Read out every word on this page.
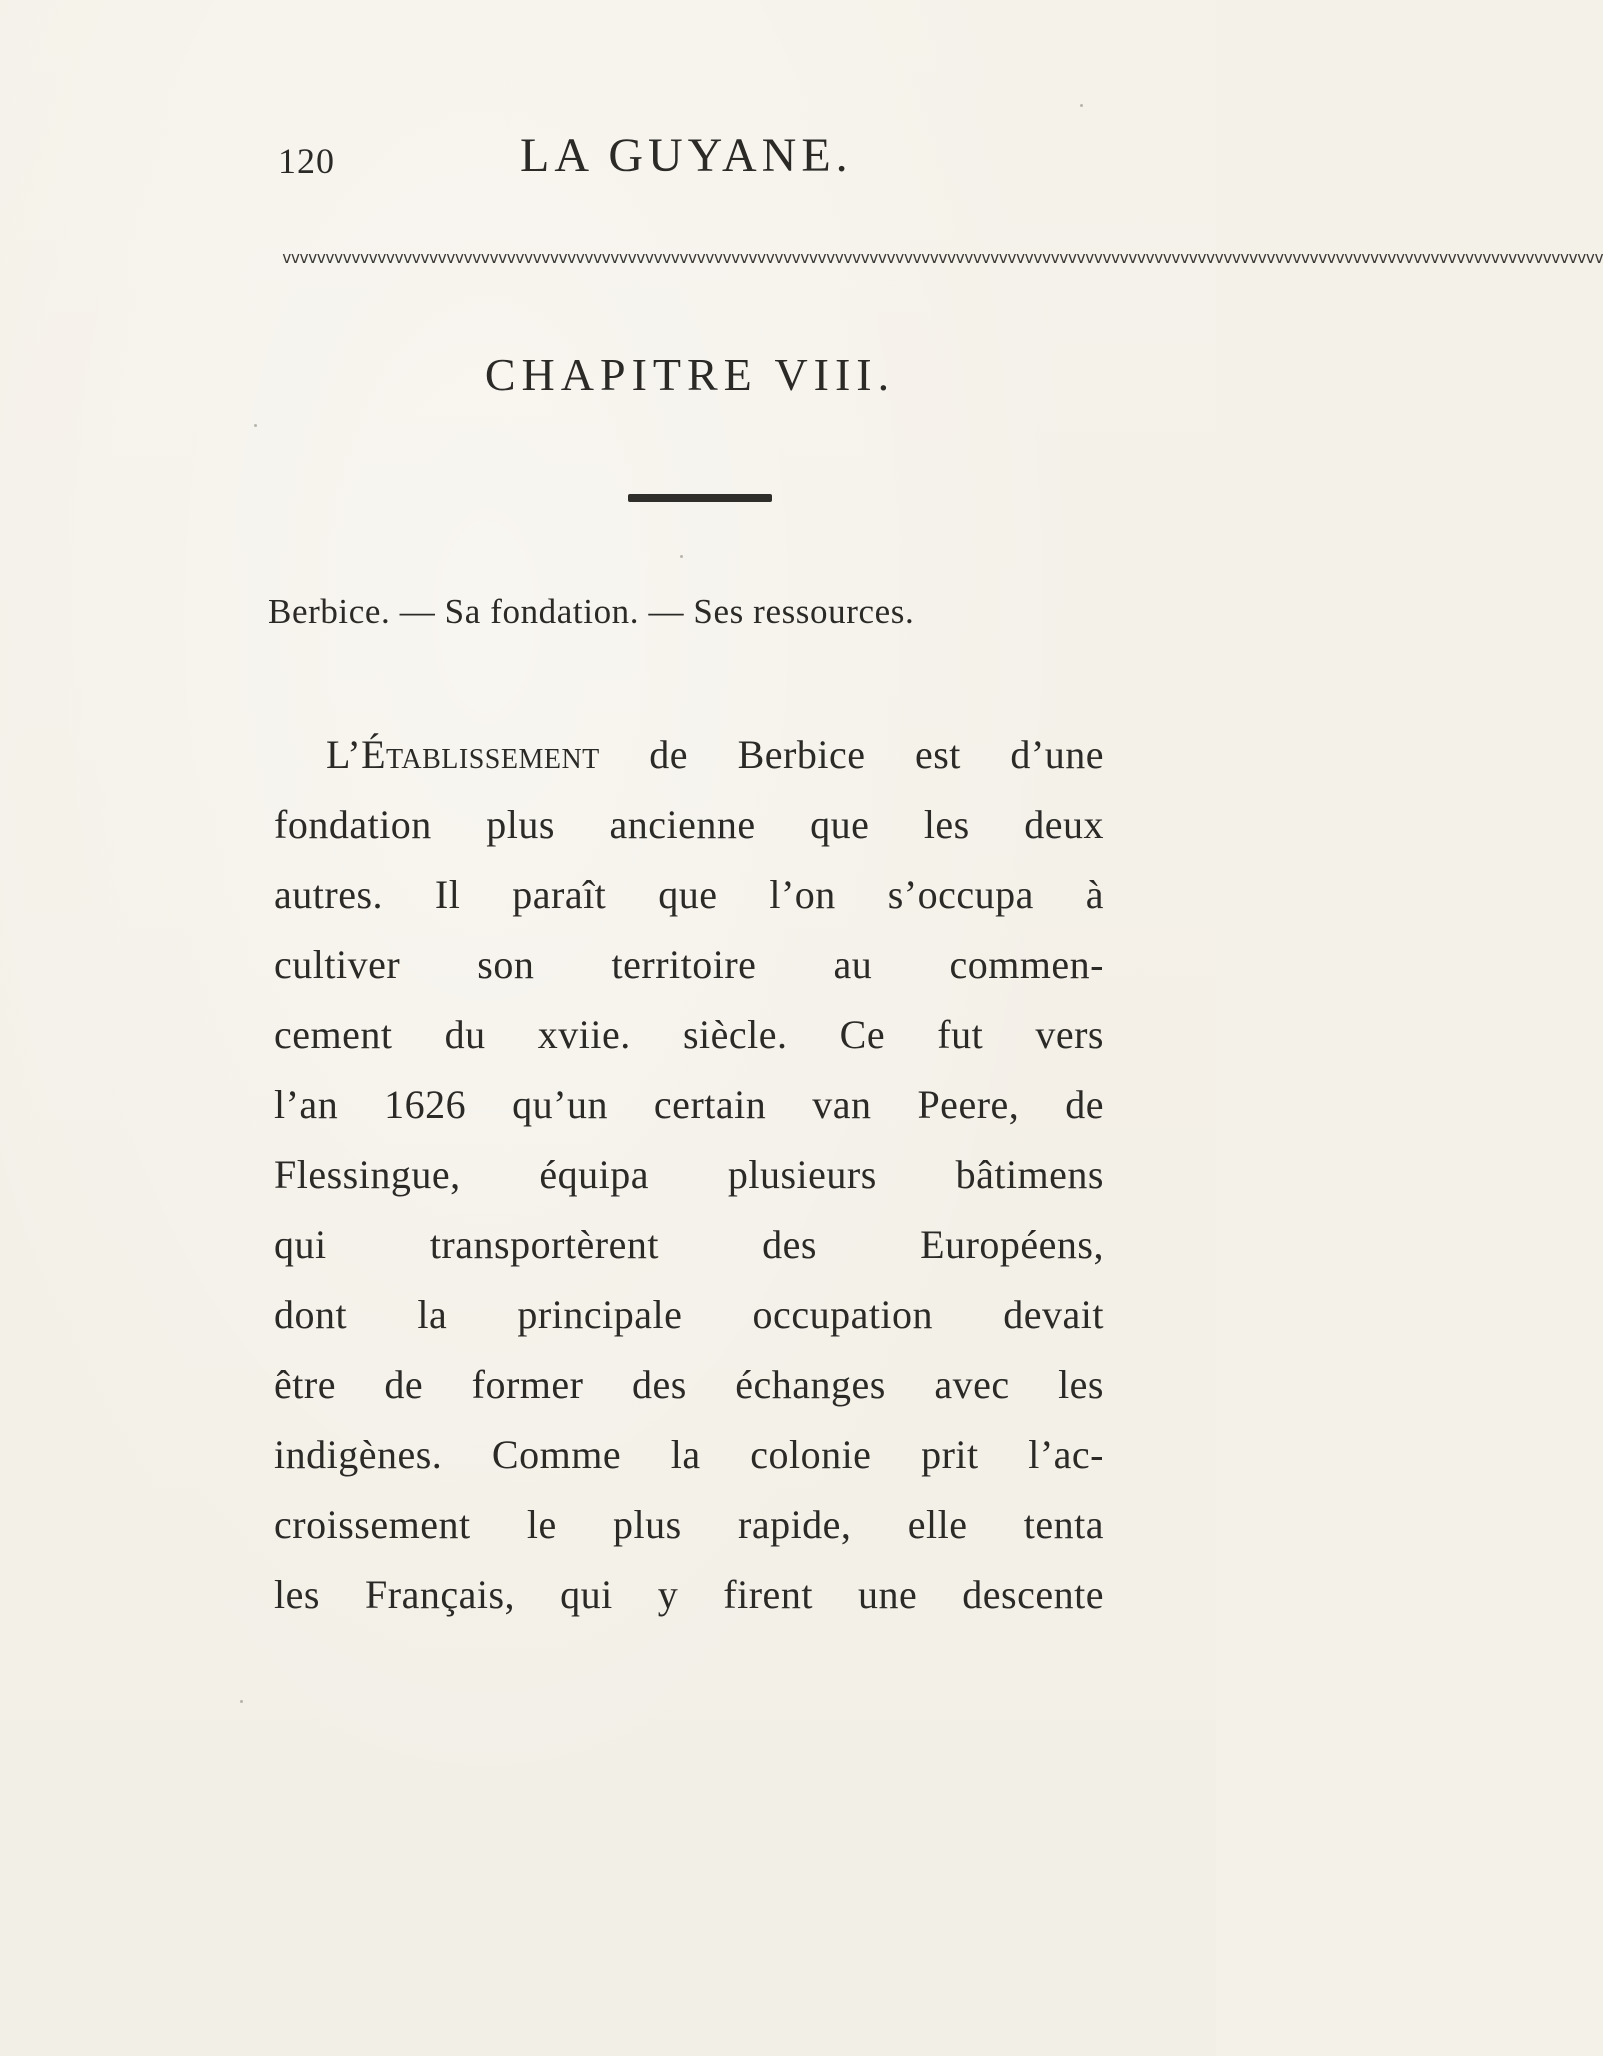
120	LA GUYANE.
vvvvvvvvvvvvvvvvvvvvvvvvvvvvvvvvvvvvvvvvvvvvvvvvvvvvvvvvvvvvvvvvvvvvvvvvvvvvvvvvvvvvvvvvvvvvvvvvvvvvvvvvvvvvvvvvvvvvvvvvvvvvvvvvvvvvvvvvvvvvvvvvvvvvvvvvv
CHAPITRE VIII.
Berbice. — Sa fondation. — Ses ressources.
L’Établissement de Berbice est d’une
fondation plus ancienne que les deux
autres. Il paraît que l’on s’occupa à
cultiver son territoire au commen-
cement du xviie. siècle. Ce fut vers
l’an 1626 qu’un certain van Peere, de
Flessingue, équipa plusieurs bâtimens
qui transportèrent des Européens,
dont la principale occupation devait
être de former des échanges avec les
indigènes. Comme la colonie prit l’ac-
croissement le plus rapide, elle tenta
les Français, qui y firent une descente
